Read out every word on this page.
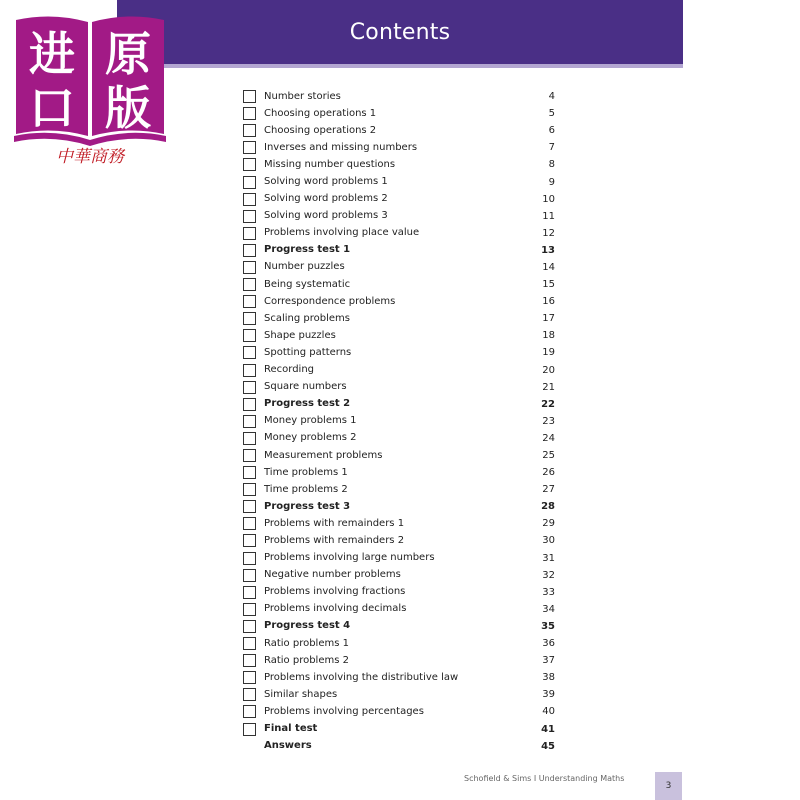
Contents
进 原
口 版
中華商務
Number stories	4
Choosing operations 1	5
Choosing operations 2	6
Inverses and missing numbers	7
Missing number questions	8
Solving word problems 1	9
Solving word problems 2	10
Solving word problems 3	11
Problems involving place value	12
Progress test 1	13
Number puzzles	14
Being systematic	15
Correspondence problems	16
Scaling problems	17
Shape puzzles	18
Spotting patterns	19
Recording	20
Square numbers	21
Progress test 2	22
Money problems 1	23
Money problems 2	24
Measurement problems	25
Time problems 1	26
Time problems 2	27
Progress test 3	28
Problems with remainders 1	29
Problems with remainders 2	30
Problems involving large numbers	31
Negative number problems	32
Problems involving fractions	33
Problems involving decimals	34
Progress test 4	35
Ratio problems 1	36
Ratio problems 2	37
Problems involving the distributive law	38
Similar shapes	39
Problems involving percentages	40
Final test	41
Answers	45
Schofield & Sims I Understanding Maths
3
